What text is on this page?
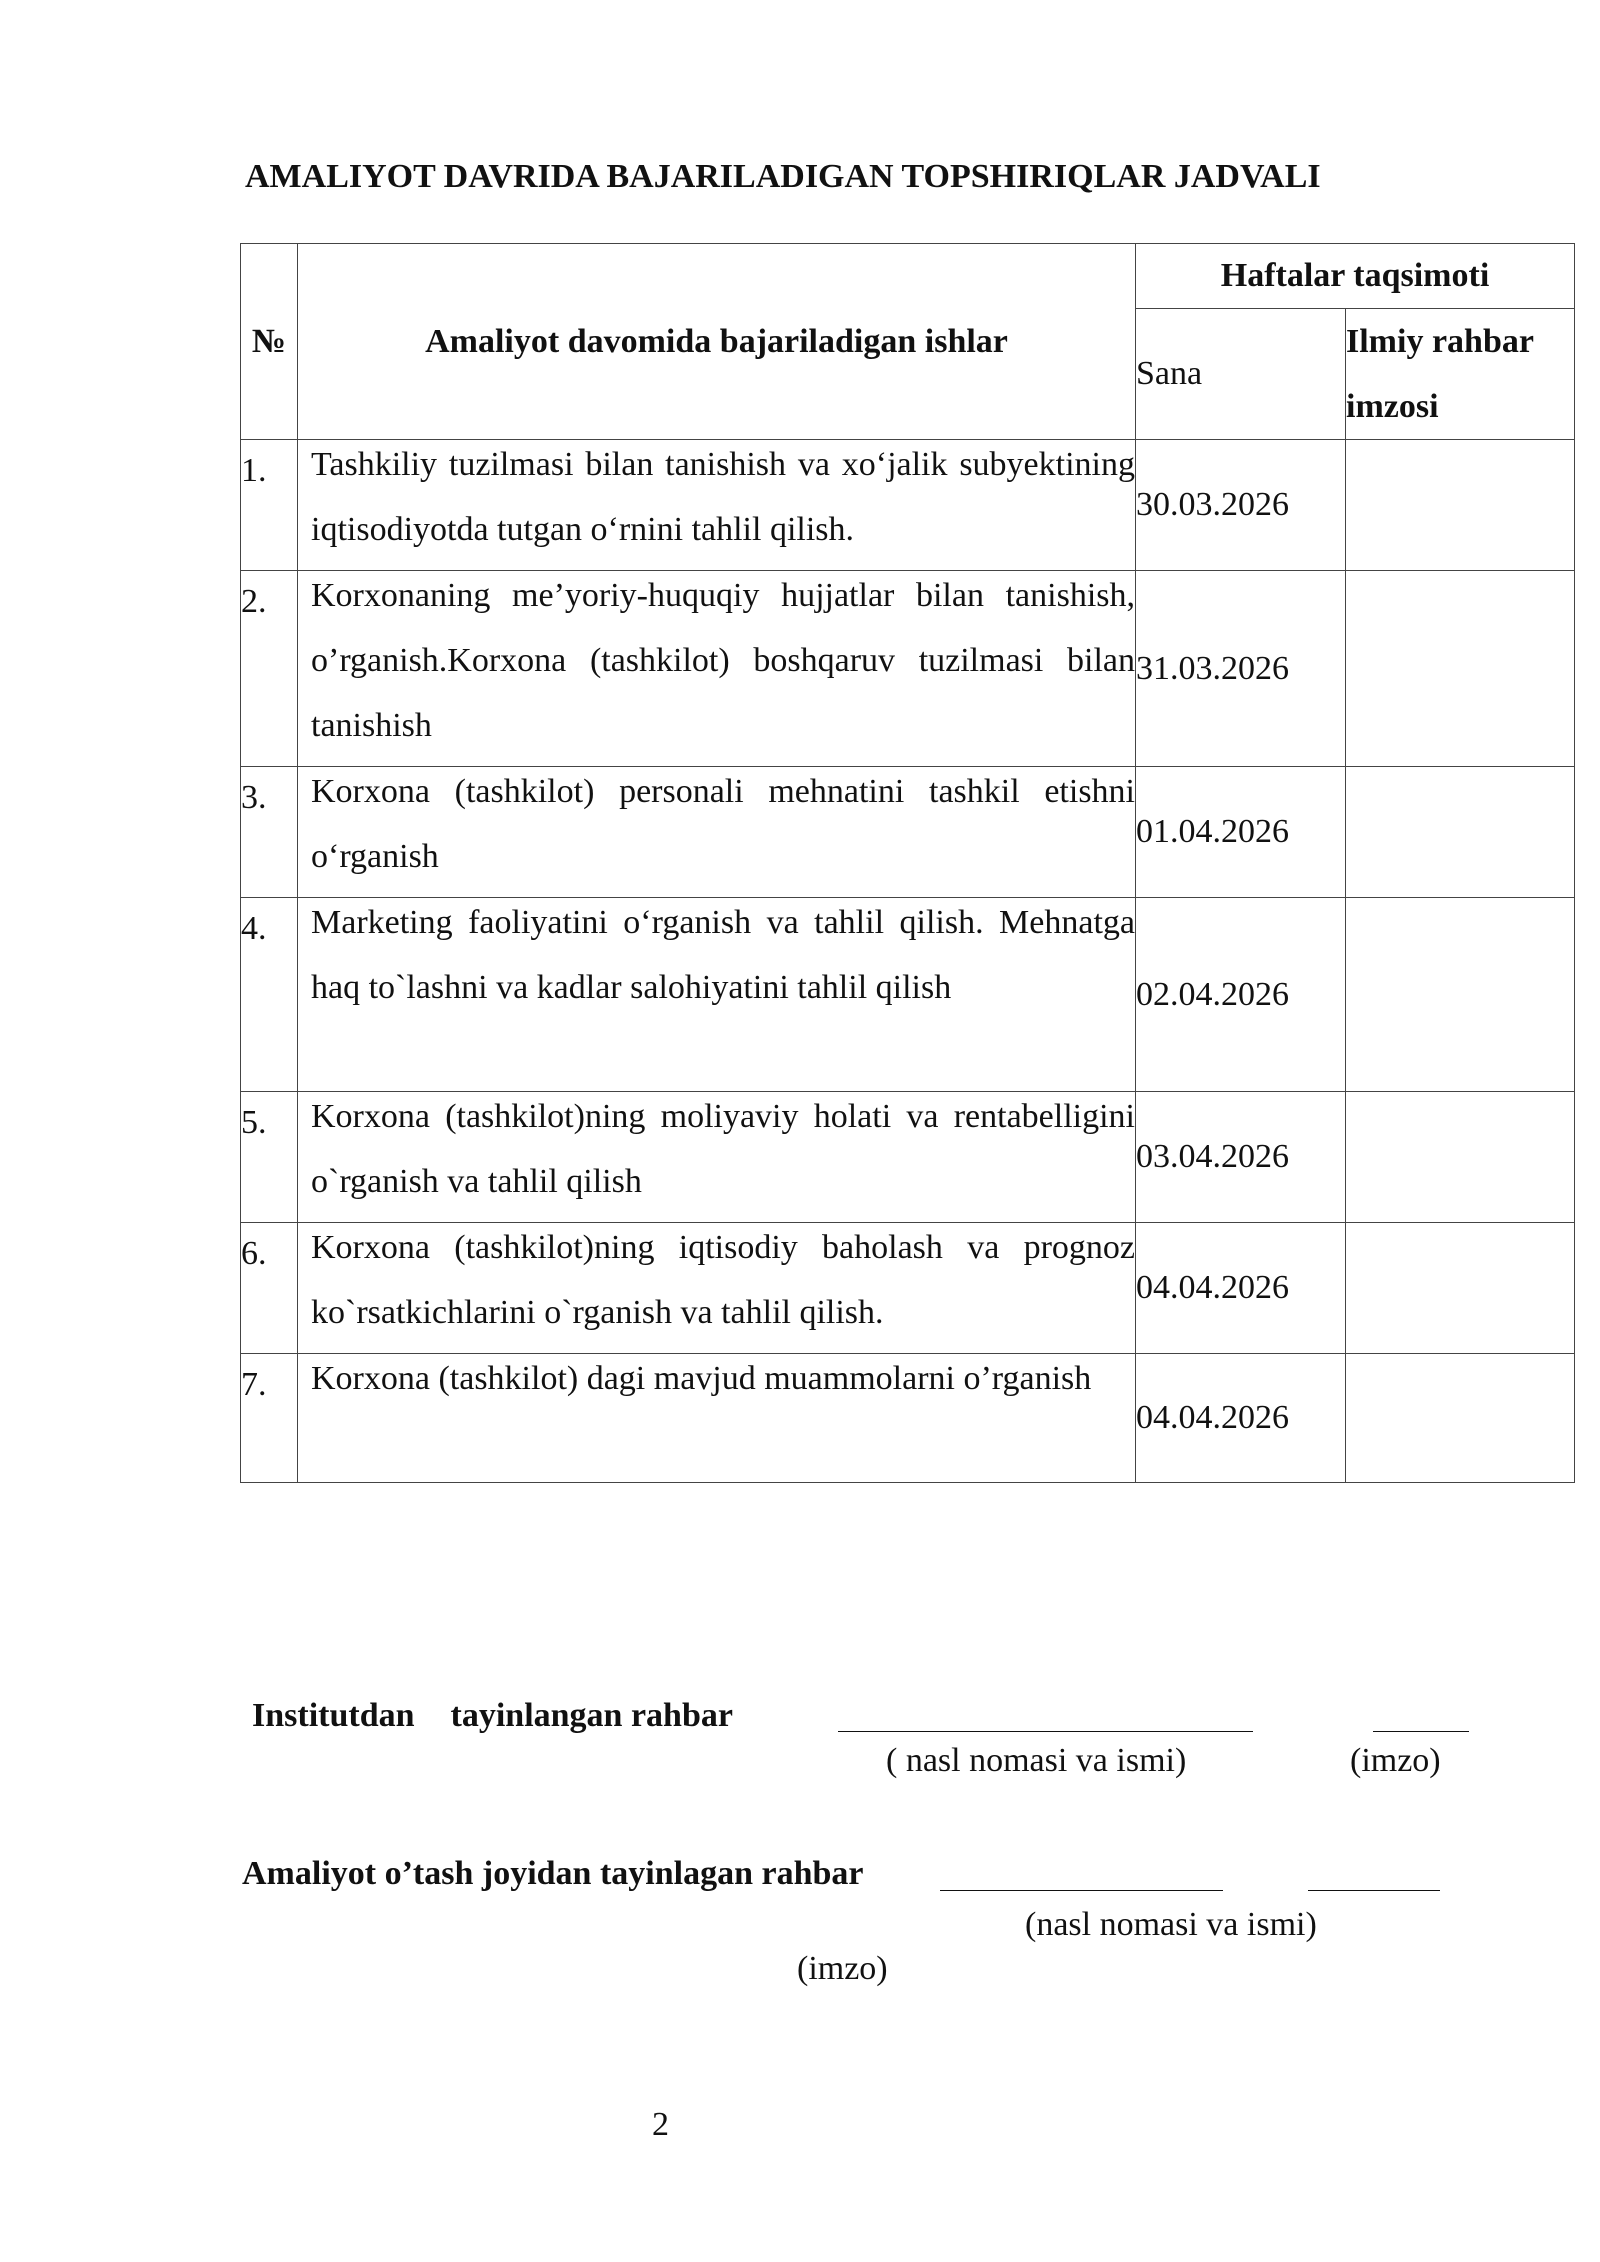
AMALIYOT DAVRIDA BAJARILADIGAN TOPSHIRIQLAR JADVALI
№	Amaliyot davomida bajariladigan ishlar	Haftalar taqsimoti	
		Sana	Ilmiy rahbar imzosi
1.	Tashkiliy tuzilmasi bilan tanishish va xo‘jalik subyektining iqtisodiyotda tutgan o‘rnini tahlil qilish.	30.03.2026	
2.	Korxonaning me’yoriy-huquqiy hujjatlar bilan tanishish, o’rganish.Korxona (tashkilot) boshqaruv tuzilmasi bilan tanishish	31.03.2026	
3.	Korxona (tashkilot) personali mehnatini tashkil etishni o‘rganish	01.04.2026	
4.	Marketing faoliyatini o‘rganish va tahlil qilish. Mehnatga haq to`lashni va kadlar salohiyatini tahlil qilish	02.04.2026	
5.	Korxona (tashkilot)ning moliyaviy holati va rentabelligini o`rganish va tahlil qilish	03.04.2026	
6.	Korxona (tashkilot)ning iqtisodiy baholash va prognoz ko`rsatkichlarini o`rganish va tahlil qilish.	04.04.2026	
7.	Korxona (tashkilot) dagi mavjud muammolarni o’rganish	04.04.2026	
Institutdan tayinlangan rahbar
( nasl nomasi va ismi)	(imzo)
Amaliyot o’tash joyidan tayinlagan rahbar
(nasl nomasi va ismi)
(imzo)
2
